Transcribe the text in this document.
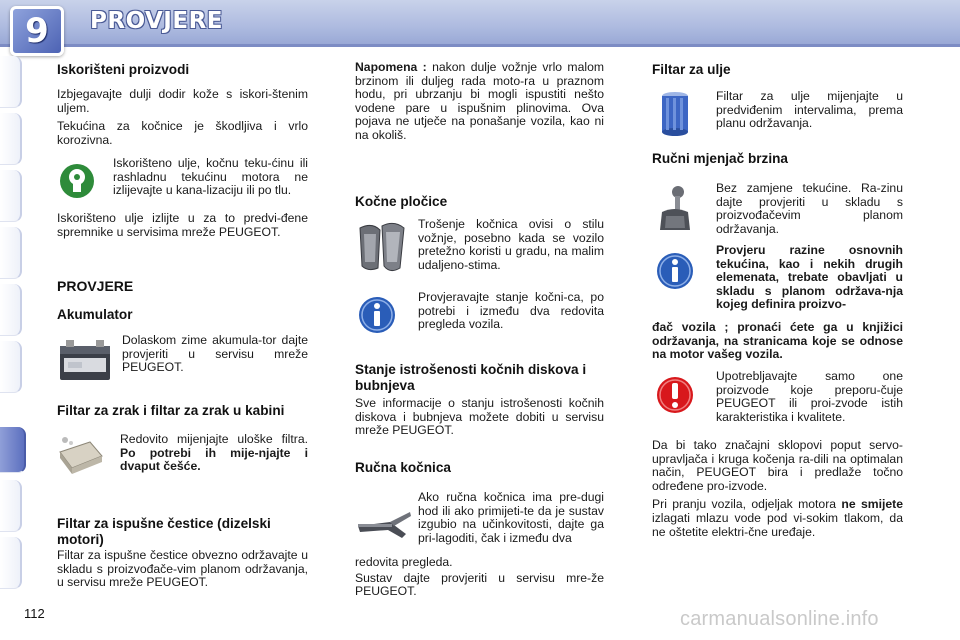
9 PROVJERE
Iskorišteni proizvodi

Izbjegavajte dulji dodir kože s iskori-štenim uljem.

Tekućina za kočnice je škodljiva i vrlo korozivna.

Iskorišteno ulje, kočnu teku-ćinu ili rashladnu tekućinu motora ne izlijevajte u kana-lizaciju ili po tlu.

Iskorišteno ulje izlijte u za to predvi-đene spremnike u servisima mreže PEUGEOT.

PROVJERE
Akumulator
Dolaskom zime akumula-tor dajte provjeriti u servisu mreže PEUGEOT.
Filtar za zrak i filtar za zrak u kabini
Redovito mijenjajte uloške filtra. Po potrebi ih mije-njajte i dvaput češće.
Filtar za ispušne čestice (dizelski motori)

Filtar za ispušne čestice obvezno održavajte u skladu s proizvođače-vim planom održavanja, u servisu mreže PEUGEOT.

Napomena : nakon dulje vožnje vrlo malom brzinom ili duljeg rada moto-ra u praznom hodu, pri ubrzanju bi mogli ispustiti nešto vodene pare u ispušnim plinovima. Ova pojava ne utječe na ponašanje vozila, kao ni na okoliš.

Kočne pločice
Trošenje kočnica ovisi o stilu vožnje, posebno kada se vozilo pretežno koristi u gradu, na malim udaljeno-stima.
Provjeravajte stanje kočni-ca, po potrebi i između dva redovita pregleda vozila.
Stanje istrošenosti kočnih diskova i bubnjeva

Sve informacije o stanju istrošenosti kočnih diskova i bubnjeva možete dobiti u servisu mreže PEUGEOT.

Ručna kočnica
Ako ručna kočnica ima pre-dugi hod ili ako primijeti-te da je sustav izgubio na učinkovitosti, dajte ga pri-lagoditi, čak i između dva

redovita pregleda.

Sustav dajte provjeriti u servisu mre-že PEUGEOT.

Filtar za ulje
Filtar za ulje mijenjajte u predviđenim intervalima, prema planu održavanja.
Ručni mjenjač brzina
Bez zamjene tekućine. Ra-zinu dajte provjeriti u skladu s proizvođačevim planom održavanja.
Provjeru razine osnovnih tekućina, kao i nekih drugih elemenata, trebate obavljati u skladu s planom održava-nja kojeg definira proizvo-
đač vozila ; pronaći ćete ga u knjižici održavanja, na stranicama koje se odnose na motor vašeg vozila.
Upotrebljavajte samo one proizvode koje preporu-čuje PEUGEOT ili proi-zvode istih karakteristika i kvalitete.

Da bi tako značajni sklopovi poput servo-upravljača i kruga kočenja ra-dili na optimalan način, PEUGEOT bira i predlaže točno određene pro-izvode.

Pri pranju vozila, odjeljak motora ne smijete izlagati mlazu vode pod vi-sokim tlakom, da ne oštetite elektri-čne uređaje.

112	carmanualsonline.info
